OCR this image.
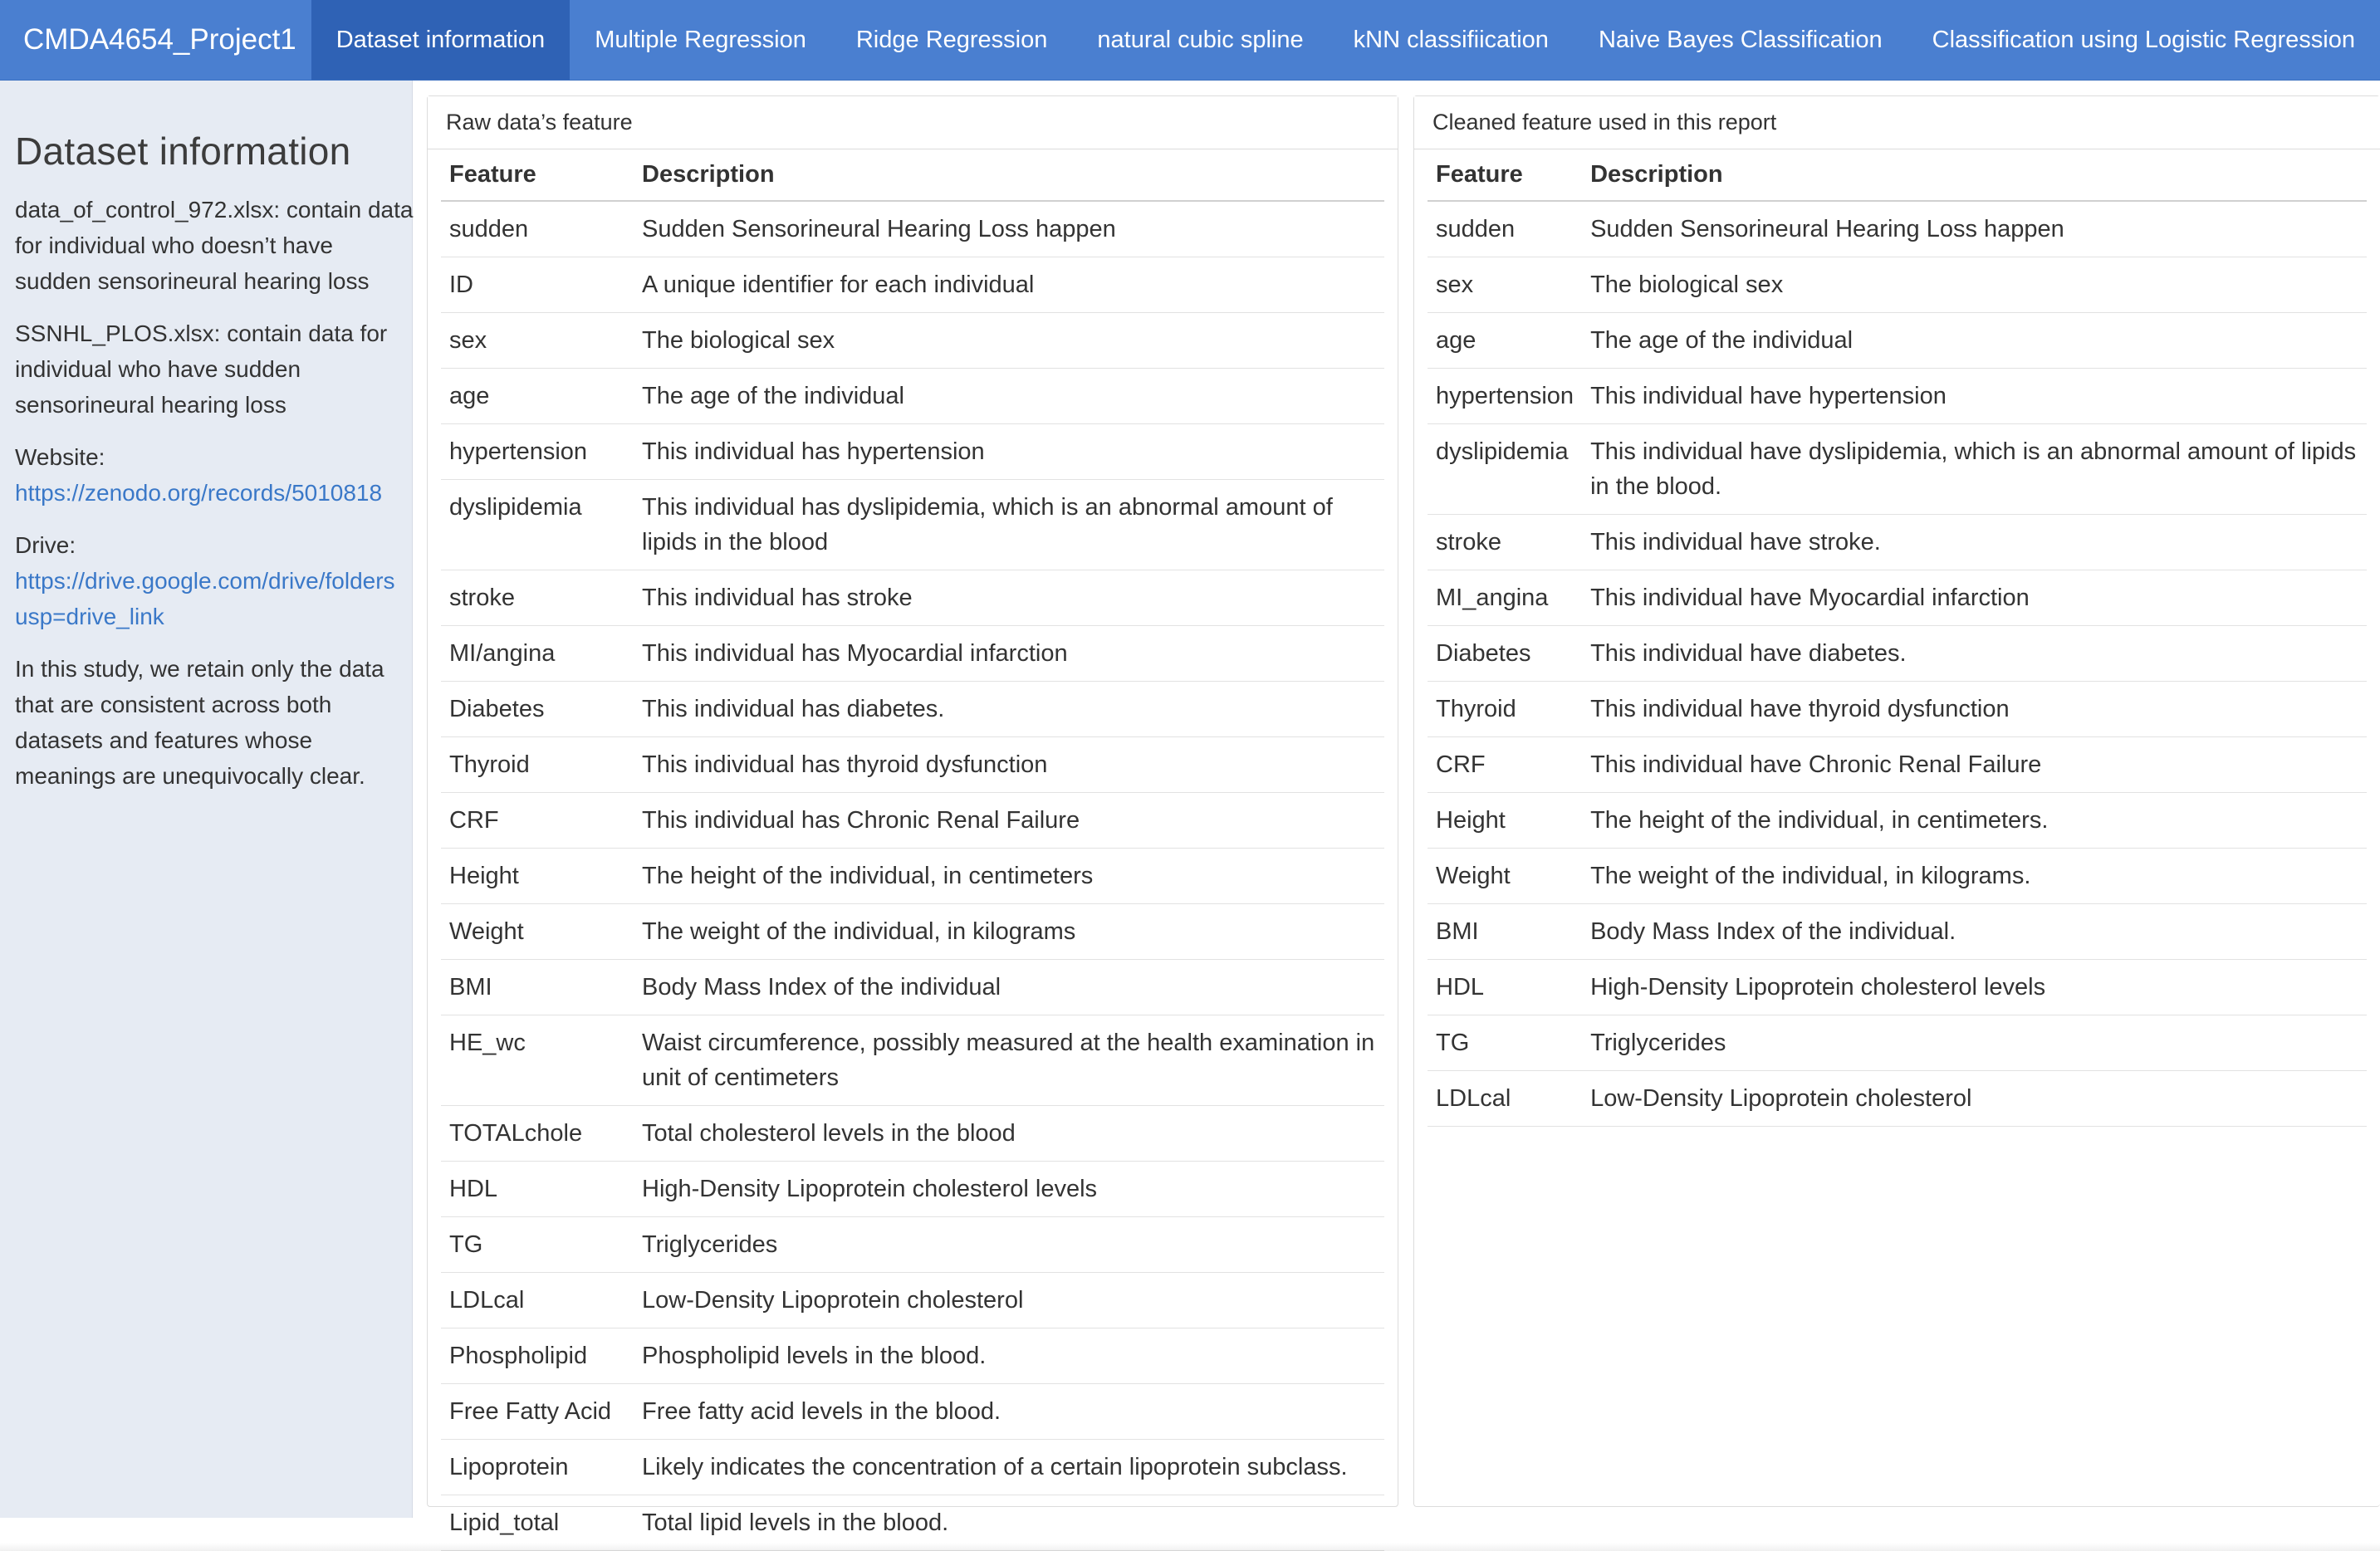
CMDA4654_Project1	Dataset information	Multiple Regression	Ridge Regression	natural cubic spline	kNN classifiication	Naive Bayes Classification	Classification using Logistic Regression
Dataset information

data_of_control_972.xlsx: contain data for individual who doesn’t have sudden sensorineural hearing loss

SSNHL_PLOS.xlsx: contain data for individual who have sudden sensorineural hearing loss

Website:
https://zenodo.org/records/5010818

Drive:
https://drive.google.com/drive/folders
usp=drive_link

In this study, we retain only the data that are consistent across both datasets and features whose meanings are unequivocally clear.

Raw data’s feature
Feature	Description
sudden	Sudden Sensorineural Hearing Loss happen
ID	A unique identifier for each individual
sex	The biological sex
age	The age of the individual
hypertension	This individual has hypertension
dyslipidemia	This individual has dyslipidemia, which is an abnormal amount of lipids in the blood
stroke	This individual has stroke
MI/angina	This individual has Myocardial infarction
Diabetes	This individual has diabetes.
Thyroid	This individual has thyroid dysfunction
CRF	This individual has Chronic Renal Failure
Height	The height of the individual, in centimeters
Weight	The weight of the individual, in kilograms
BMI	Body Mass Index of the individual
HE_wc	Waist circumference, possibly measured at the health examination in unit of centimeters
TOTALchole	Total cholesterol levels in the blood
HDL	High-Density Lipoprotein cholesterol levels
TG	Triglycerides
LDLcal	Low-Density Lipoprotein cholesterol
Phospholipid	Phospholipid levels in the blood.
Free Fatty Acid	Free fatty acid levels in the blood.
Lipoprotein	Likely indicates the concentration of a certain lipoprotein subclass.
Lipid_total	Total lipid levels in the blood.
Cleaned feature used in this report
Feature	Description
sudden	Sudden Sensorineural Hearing Loss happen
sex	The biological sex
age	The age of the individual
hypertension	This individual have hypertension
dyslipidemia	This individual have dyslipidemia, which is an abnormal amount of lipids in the blood.
stroke	This individual have stroke.
MI_angina	This individual have Myocardial infarction
Diabetes	This individual have diabetes.
Thyroid	This individual have thyroid dysfunction
CRF	This individual have Chronic Renal Failure
Height	The height of the individual, in centimeters.
Weight	The weight of the individual, in kilograms.
BMI	Body Mass Index of the individual.
HDL	High-Density Lipoprotein cholesterol levels
TG	Triglycerides
LDLcal	Low-Density Lipoprotein cholesterol
